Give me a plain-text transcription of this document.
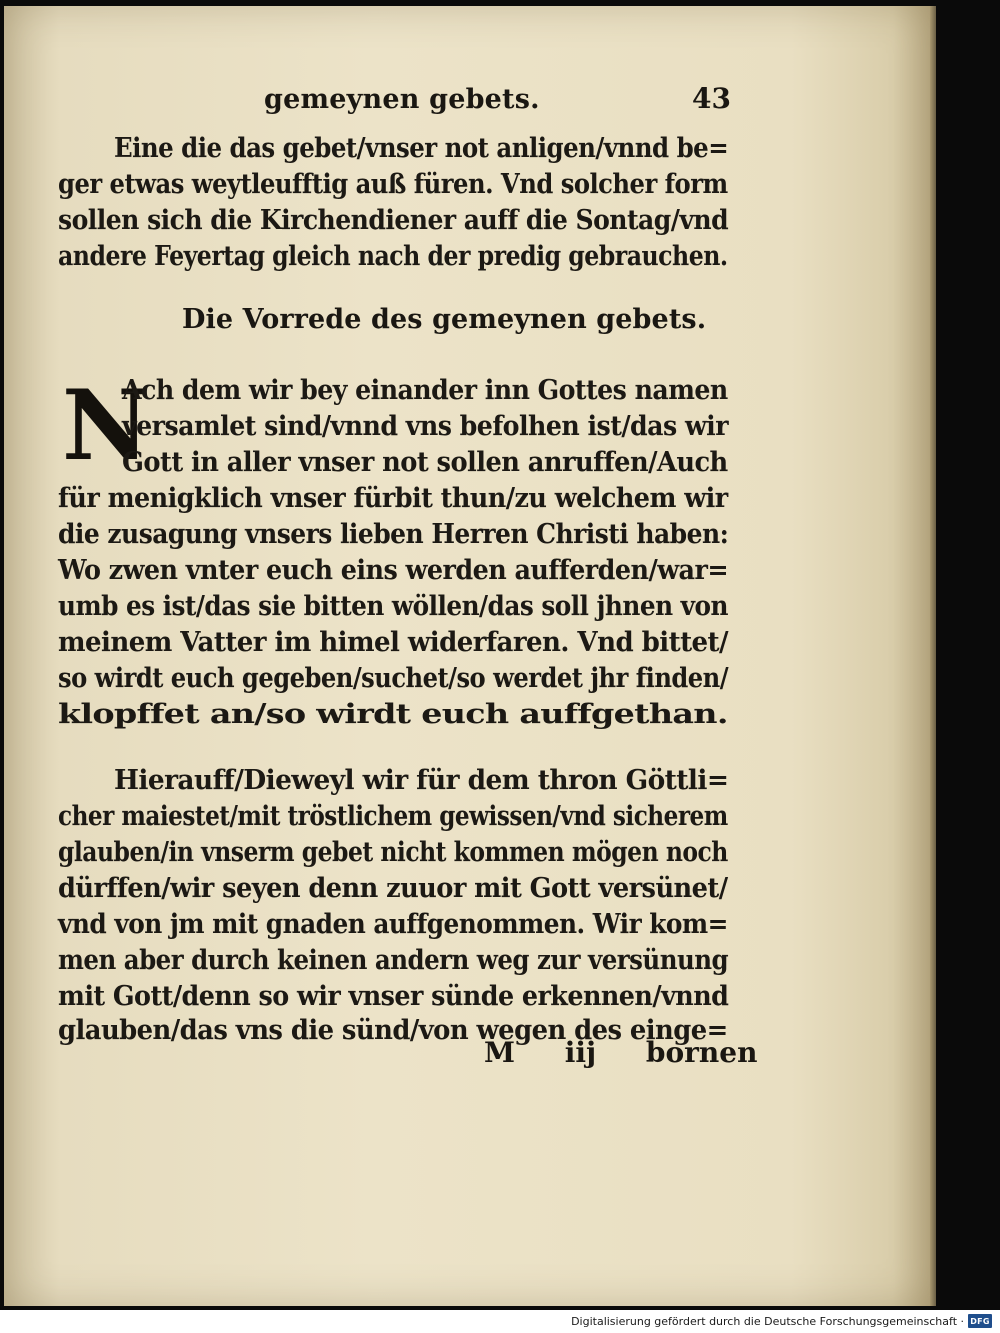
gemeynen gebets.	43
Eine die das gebet/vnser not anligen/vnnd be=
ger etwas weytleufftig auß füren. Vnd solcher form
sollen sich die Kirchendiener auff die Sontag/vnd
andere Feyertag gleich nach der predig gebrauchen.
Die Vorrede des gemeynen gebets.
N
Ach dem wir bey einander inn Gottes namen
versamlet sind/vnnd vns befolhen ist/das wir
Gott in aller vnser not sollen anruffen/Auch
für menigklich vnser fürbit thun/zu welchem wir
die zusagung vnsers lieben Herren Christi haben:
Wo zwen vnter euch eins werden aufferden/war=
umb es ist/das sie bitten wöllen/das soll jhnen von
meinem Vatter im himel widerfaren. Vnd bittet/
so wirdt euch gegeben/suchet/so werdet jhr finden/
klopffet an/so wirdt euch auffgethan.
Hierauff/Dieweyl wir für dem thron Göttli=
cher maiestet/mit tröstlichem gewissen/vnd sicherem
glauben/in vnserm gebet nicht kommen mögen noch
dürffen/wir seyen denn zuuor mit Gott versünet/
vnd von jm mit gnaden auffgenommen. Wir kom=
men aber durch keinen andern weg zur versünung
mit Gott/denn so wir vnser sünde erkennen/vnnd
glauben/das vns die sünd/von wegen des einge=
M iij bornen
Digitalisierung gefördert durch die Deutsche Forschungsgemeinschaft · DFG
